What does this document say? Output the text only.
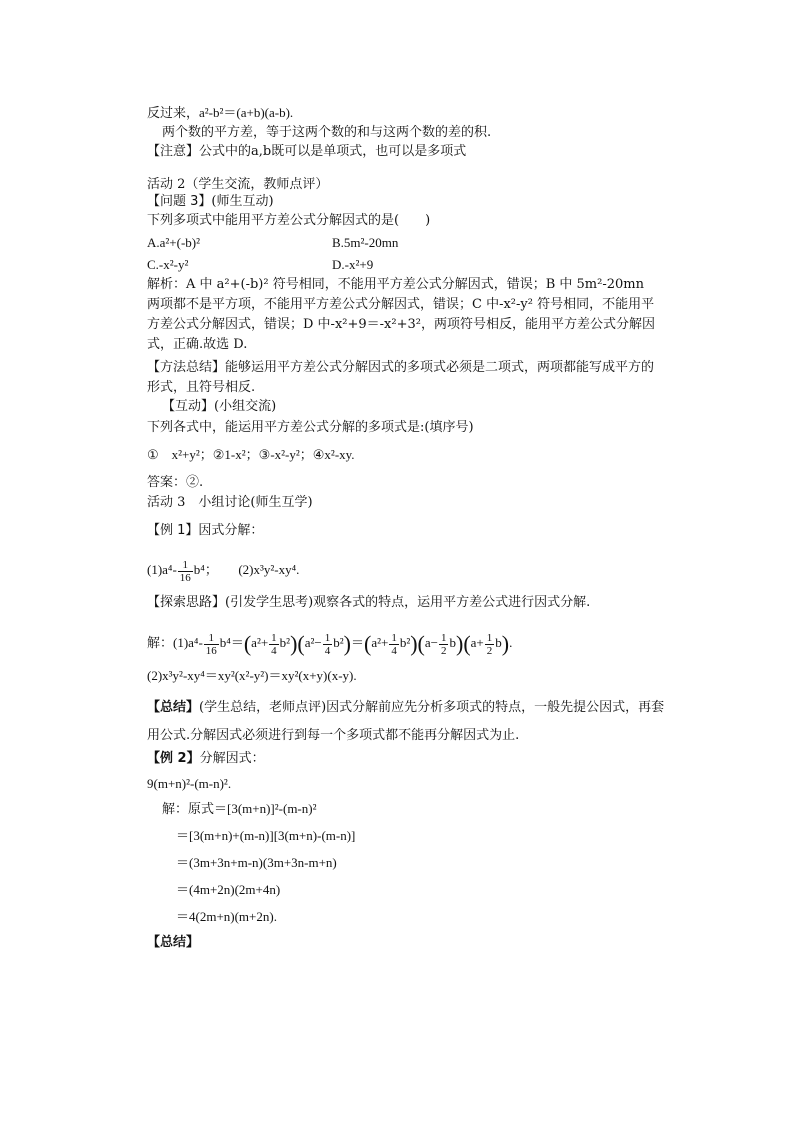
反过来，a²-b²＝(a+b)(a-b).
两个数的平方差，等于这两个数的和与这两个数的差的积.
【注意】公式中的a,b既可以是单项式，也可以是多项式
活动 2（学生交流，教师点评）
【问题 3】(师生互动)
下列多项式中能用平方差公式分解因式的是(　　)
A.a²+(-b)²	B.5m²-20mn
C.-x²-y²	D.-x²+9
解析：A 中 a²+(-b)² 符号相同，不能用平方差公式分解因式，错误；B 中 5m²-20mn 两项都不是平方项，不能用平方差公式分解因式，错误；C 中-x²-y² 符号相同，不能用平方差公式分解因式，错误；D 中-x²+9＝-x²+3²，两项符号相反，能用平方差公式分解因式，正确.故选 D.
【方法总结】能够运用平方差公式分解因式的多项式必须是二项式，两项都能写成平方的形式，且符号相反.
【互动】(小组交流)
下列各式中，能运用平方差公式分解的多项式是:(填序号)
①　x²+y²；②1-x²；③-x²-y²；④x²-xy.
答案：②.
活动 3　小组讨论(师生互学)
【例 1】因式分解：
$(1)a^4- \frac{1}{16} b^4$； (2)x³y²-xy⁴.
【探索思路】(引发学生思考)观察各式的特点，运用平方差公式进行因式分解.
解：$(1)a^4- \frac{1}{16} b^4=(a^2+ \frac{1}{4} b^2)(a^2- \frac{1}{4} b^2)=(a^2+ \frac{1}{4} b^2)(a- \frac{1}{2} b)(a+ \frac{1}{2} b)$.
(2)x³y²-xy⁴＝xy²(x²-y²)＝xy²(x+y)(x-y).
【总结】(学生总结，老师点评)因式分解前应先分析多项式的特点，一般先提公因式，再套用公式.分解因式必须进行到每一个多项式都不能再分解因式为止.
【例 2】分解因式：
9(m+n)²-(m-n)².
解：原式＝[3(m+n)]²-(m-n)²
＝[3(m+n)+(m-n)][3(m+n)-(m-n)]
＝(3m+3n+m-n)(3m+3n-m+n)
＝(4m+2n)(2m+4n)
＝4(2m+n)(m+2n).
【总结】
